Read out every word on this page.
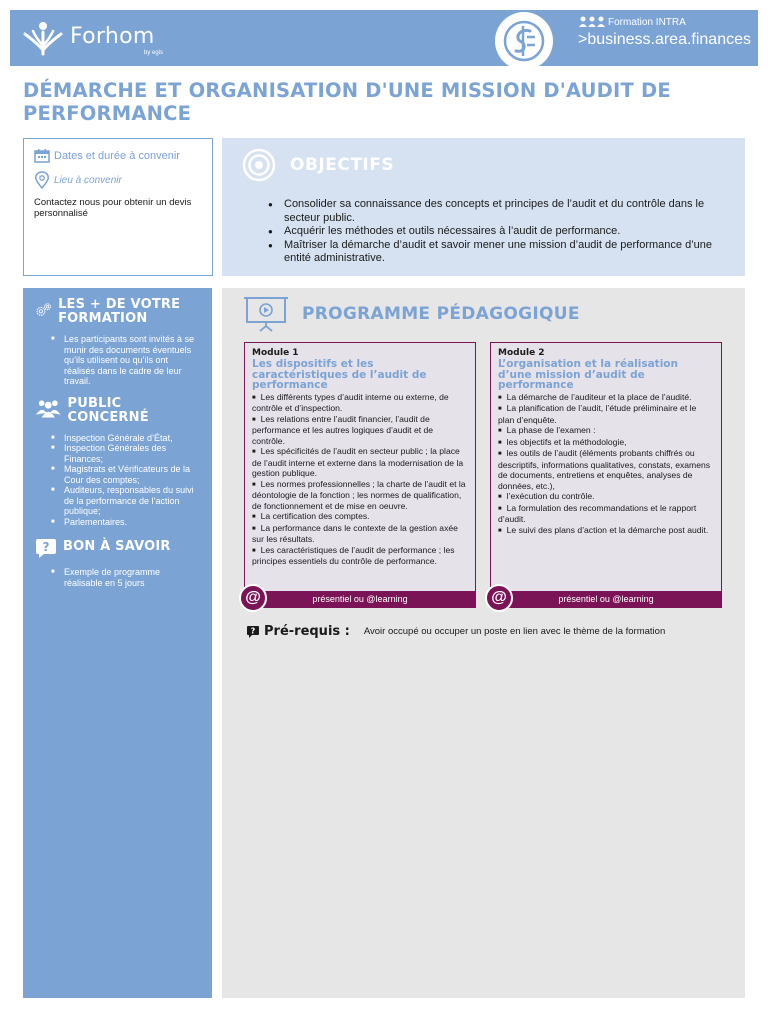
Forhom
by egis
Formation INTRA
>business.area.finances
DÉMARCHE ET ORGANISATION D'UNE MISSION D'AUDIT DE PERFORMANCE
Dates et durée à convenir
Lieu à convenir
Contactez nous pour obtenir un devis personnalisé
OBJECTIFS
● Consolider sa connaissance des concepts et principes de l’audit et du contrôle dans le secteur public.
● Acquérir les méthodes et outils nécessaires à l’audit de performance.
● Maîtriser la démarche d’audit et savoir mener une mission d’audit de performance d’une entité administrative.
LES + DE VOTRE FORMATION
■ Les participants sont invités à se munir des documents éventuels qu’ils utilisent ou qu’ils ont réalisés dans le cadre de leur travail.
PUBLIC CONCERNÉ
■ Inspection Générale d’État,
■ Inspection Générales des Finances;
■ Magistrats et Vérificateurs de la Cour des comptes;
■ Auditeurs, responsables du suivi de la performance de l’action publique;
■ Parlementaires.
? BON À SAVOIR
■ Exemple de programme réalisable en 5 jours
PROGRAMME PÉDAGOGIQUE
Module 1
Les dispositifs et les caractéristiques de l’audit de performance
■ Les différents types d’audit interne ou externe, de contrôle et d’inspection.
■ Les relations entre l’audit financier, l’audit de performance et les autres logiques d’audit et de contrôle.
■ Les spécificités de l’audit en secteur public ; la place de l’audit interne et externe dans la modernisation de la gestion publique.
■ Les normes professionnelles ; la charte de l’audit et la déontologie de la fonction ; les normes de qualification, de fonctionnement et de mise en oeuvre.
■ La certification des comptes.
■ La performance dans le contexte de la gestion axée sur les résultats.
■ Les caractéristiques de l’audit de performance ; les principes essentiels du contrôle de performance.
présentiel ou @learning
@
Module 2
L’organisation et la réalisation d’une mission d’audit de performance
■ La démarche de l’auditeur et la place de l’audité.
■ La planification de l’audit, l’étude préliminaire et le plan d’enquête.
■ La phase de l’examen :
■ les objectifs et la méthodologie,
■ les outils de l’audit (éléments probants chiffrés ou descriptifs, informations qualitatives, constats, examens de documents, entretiens et enquêtes, analyses de données, etc.),
■ l’exécution du contrôle.
■ La formulation des recommandations et le rapport d’audit.
■ Le suivi des plans d’action et la démarche post audit.
présentiel ou @learning
@
? Pré-requis : Avoir occupé ou occuper un poste en lien avec le thème de la formation
